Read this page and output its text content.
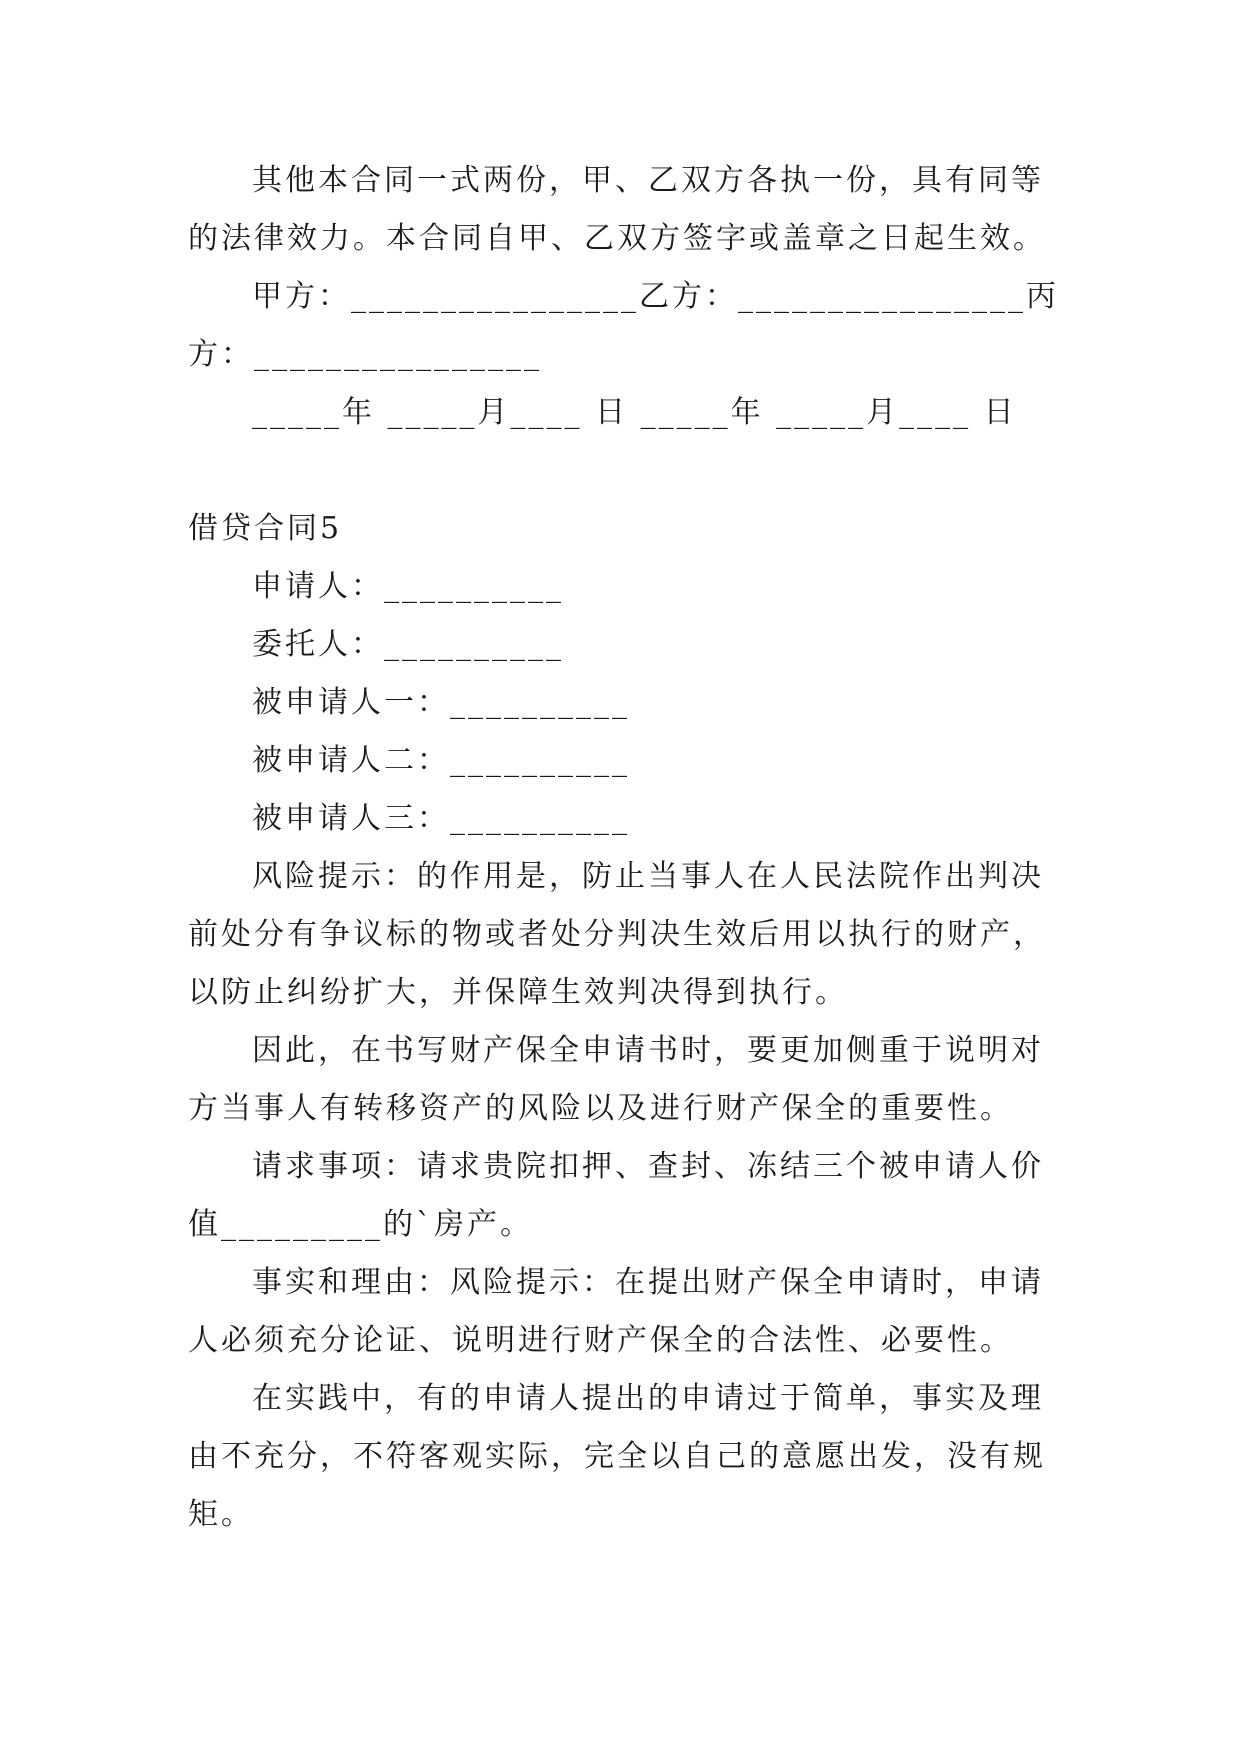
其他本合同一式两份，甲、乙双方各执一份，具有同等

的法律效力。本合同自甲、乙双方签字或盖章之日起生效。

甲方：________________乙方：________________丙

方：________________

_____年 _____月____ 日 _____年 _____月____ 日

借贷合同5

申请人：__________

委托人：__________

被申请人一：__________

被申请人二：__________

被申请人三：__________

风险提示：的作用是，防止当事人在人民法院作出判决

前处分有争议标的物或者处分判决生效后用以执行的财产，

以防止纠纷扩大，并保障生效判决得到执行。

因此，在书写财产保全申请书时，要更加侧重于说明对

方当事人有转移资产的风险以及进行财产保全的重要性。

请求事项：请求贵院扣押、查封、冻结三个被申请人价

值_________的`房产。

事实和理由：风险提示：在提出财产保全申请时，申请

人必须充分论证、说明进行财产保全的合法性、必要性。

在实践中，有的申请人提出的申请过于简单，事实及理

由不充分，不符客观实际，完全以自己的意愿出发，没有规

矩。
